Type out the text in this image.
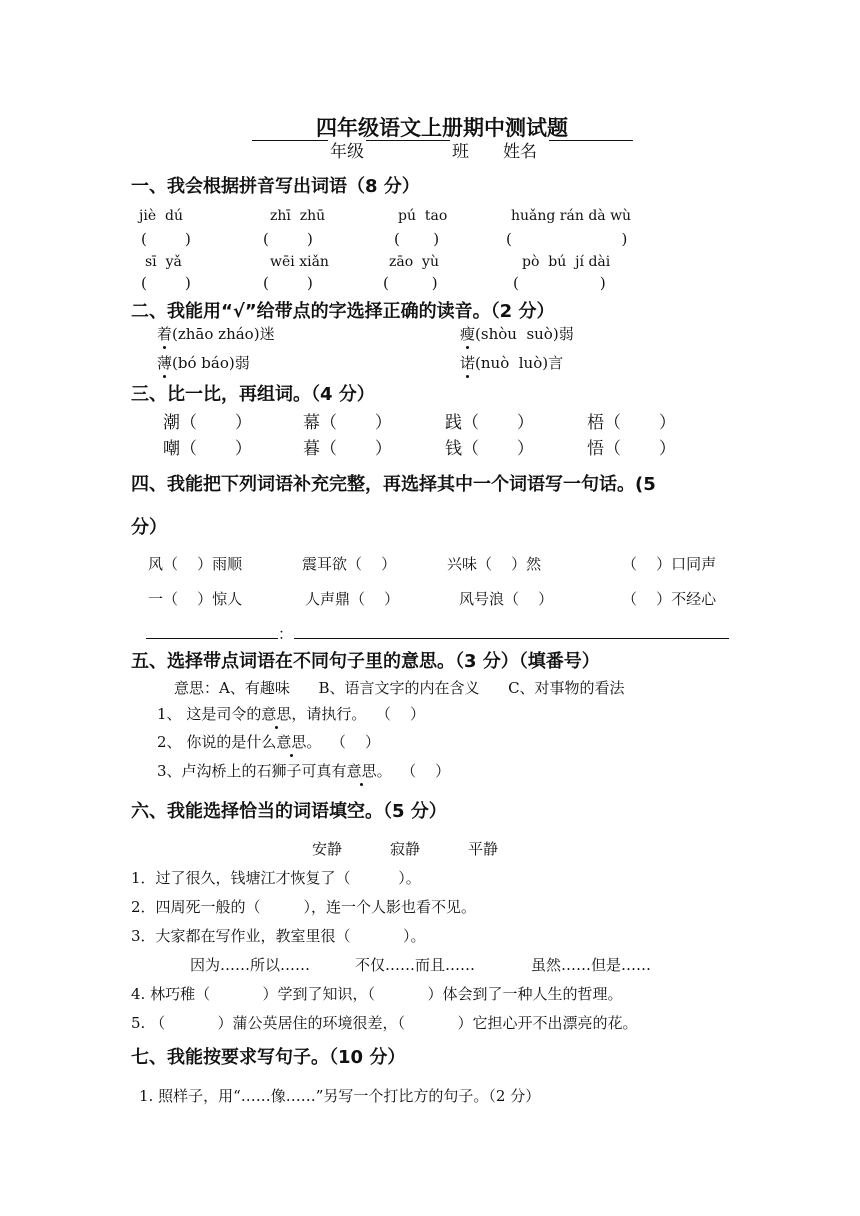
四年级语文上册期中测试题
年级	班 姓名
一、我会根据拼音写出词语（8 分）
jiè  dú	zhī  zhū	pú  tao	huǎng rán dà wù
(        )	(        )	(       )	(                       )
sī  yǎ	wēi xiǎn	zāo  yù	pò  bú  jí dài
(        )	(        )	(         )	(                 )
二、我能用“√”给带点的字选择正确的读音。（2 分）
着(zhāo zháo)迷	瘦(shòu  suò)弱
薄(bó báo)弱	诺(nuò  luò)言
三、比一比，再组词。（4 分）
潮（       ）	幕（       ）	践（       ）	梧（       ）
嘲（       ）	暮（       ）	钱（       ）	悟（       ）
四、我能把下列词语补充完整，再选择其中一个词语写一句话。(5
分）
风（    ）雨顺	震耳欲（    ）	兴味（    ）然	（    ）口同声
一（    ）惊人	人声鼎（    ）	风号浪（    ）	（    ）不经心
：
五、选择带点词语在不同句子里的意思。（3 分）（填番号）
意思：A、有趣味      B、语言文字的内在含义      C、对事物的看法
1、 这是司令的意思，请执行。  （    ）
2、 你说的是什么意思。  （    ）
3、卢沟桥上的石狮子可真有意思。  （    ）
六、我能选择恰当的词语填空。（5 分）
安静	寂静	平静
1．过了很久，钱塘江才恢复了（          ）。
2．四周死一般的（         ），连一个人影也看不见。
3．大家都在写作业，教室里很（           ）。
因为……所以……	不仅……而且……	虽然……但是……
4. 林巧稚（           ）学到了知识，（           ）体会到了一种人生的哲理。
5. （           ）蒲公英居住的环境很差，（           ）它担心开不出漂亮的花。
七、我能按要求写句子。（10 分）
1. 照样子，用“……像……”另写一个打比方的句子。（2 分）
